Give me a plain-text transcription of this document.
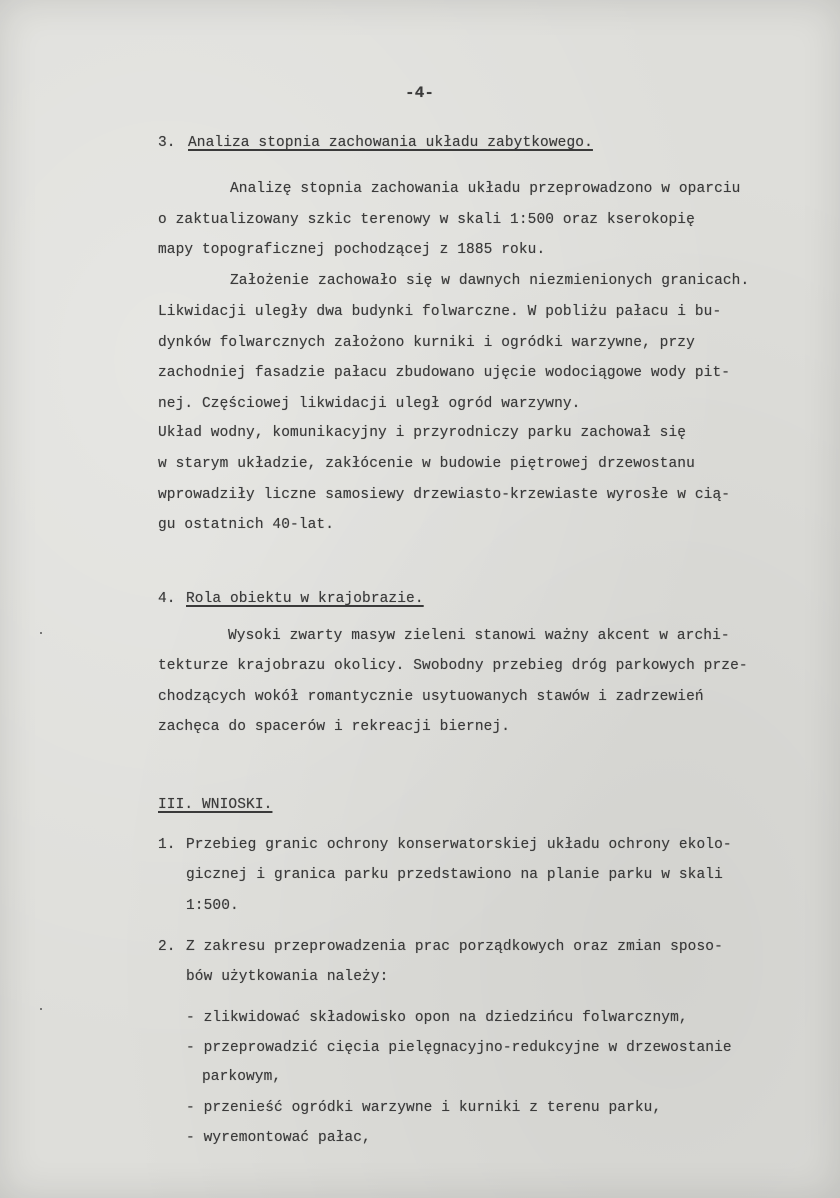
-4-
3. Analiza stopnia zachowania układu zabytkowego.
Analizę stopnia zachowania układu przeprowadzono w oparciu
o zaktualizowany szkic terenowy w skali 1:500 oraz kserokopię
mapy topograficznej pochodzącej z 1885 roku.
Założenie zachowało się w dawnych niezmienionych granicach.
Likwidacji uległy dwa budynki folwarczne. W pobliżu pałacu i bu-
dynków folwarcznych założono kurniki i ogródki warzywne, przy
zachodniej fasadzie pałacu zbudowano ujęcie wodociągowe wody pit-
nej. Częściowej likwidacji uległ ogród warzywny.
Układ wodny, komunikacyjny i przyrodniczy parku zachował się
w starym układzie, zakłócenie w budowie piętrowej drzewostanu
wprowadziły liczne samosiewy drzewiasto-krzewiaste wyrosłe w cią-
gu ostatnich 40-lat.
4. Rola obiektu w krajobrazie.
Wysoki zwarty masyw zieleni stanowi ważny akcent w archi-
tekturze krajobrazu okolicy. Swobodny przebieg dróg parkowych prze-
chodzących wokół romantycznie usytuowanych stawów i zadrzewień
zachęca do spacerów i rekreacji biernej.
III. WNIOSKI.
1. Przebieg granic ochrony konserwatorskiej układu ochrony ekolo-
gicznej i granica parku przedstawiono na planie parku w skali
1:500.
2. Z zakresu przeprowadzenia prac porządkowych oraz zmian sposo-
bów użytkowania należy:
- zlikwidować składowisko opon na dziedzińcu folwarcznym,
- przeprowadzić cięcia pielęgnacyjno-redukcyjne w drzewostanie
parkowym,
- przenieść ogródki warzywne i kurniki z terenu parku,
- wyremontować pałac,
